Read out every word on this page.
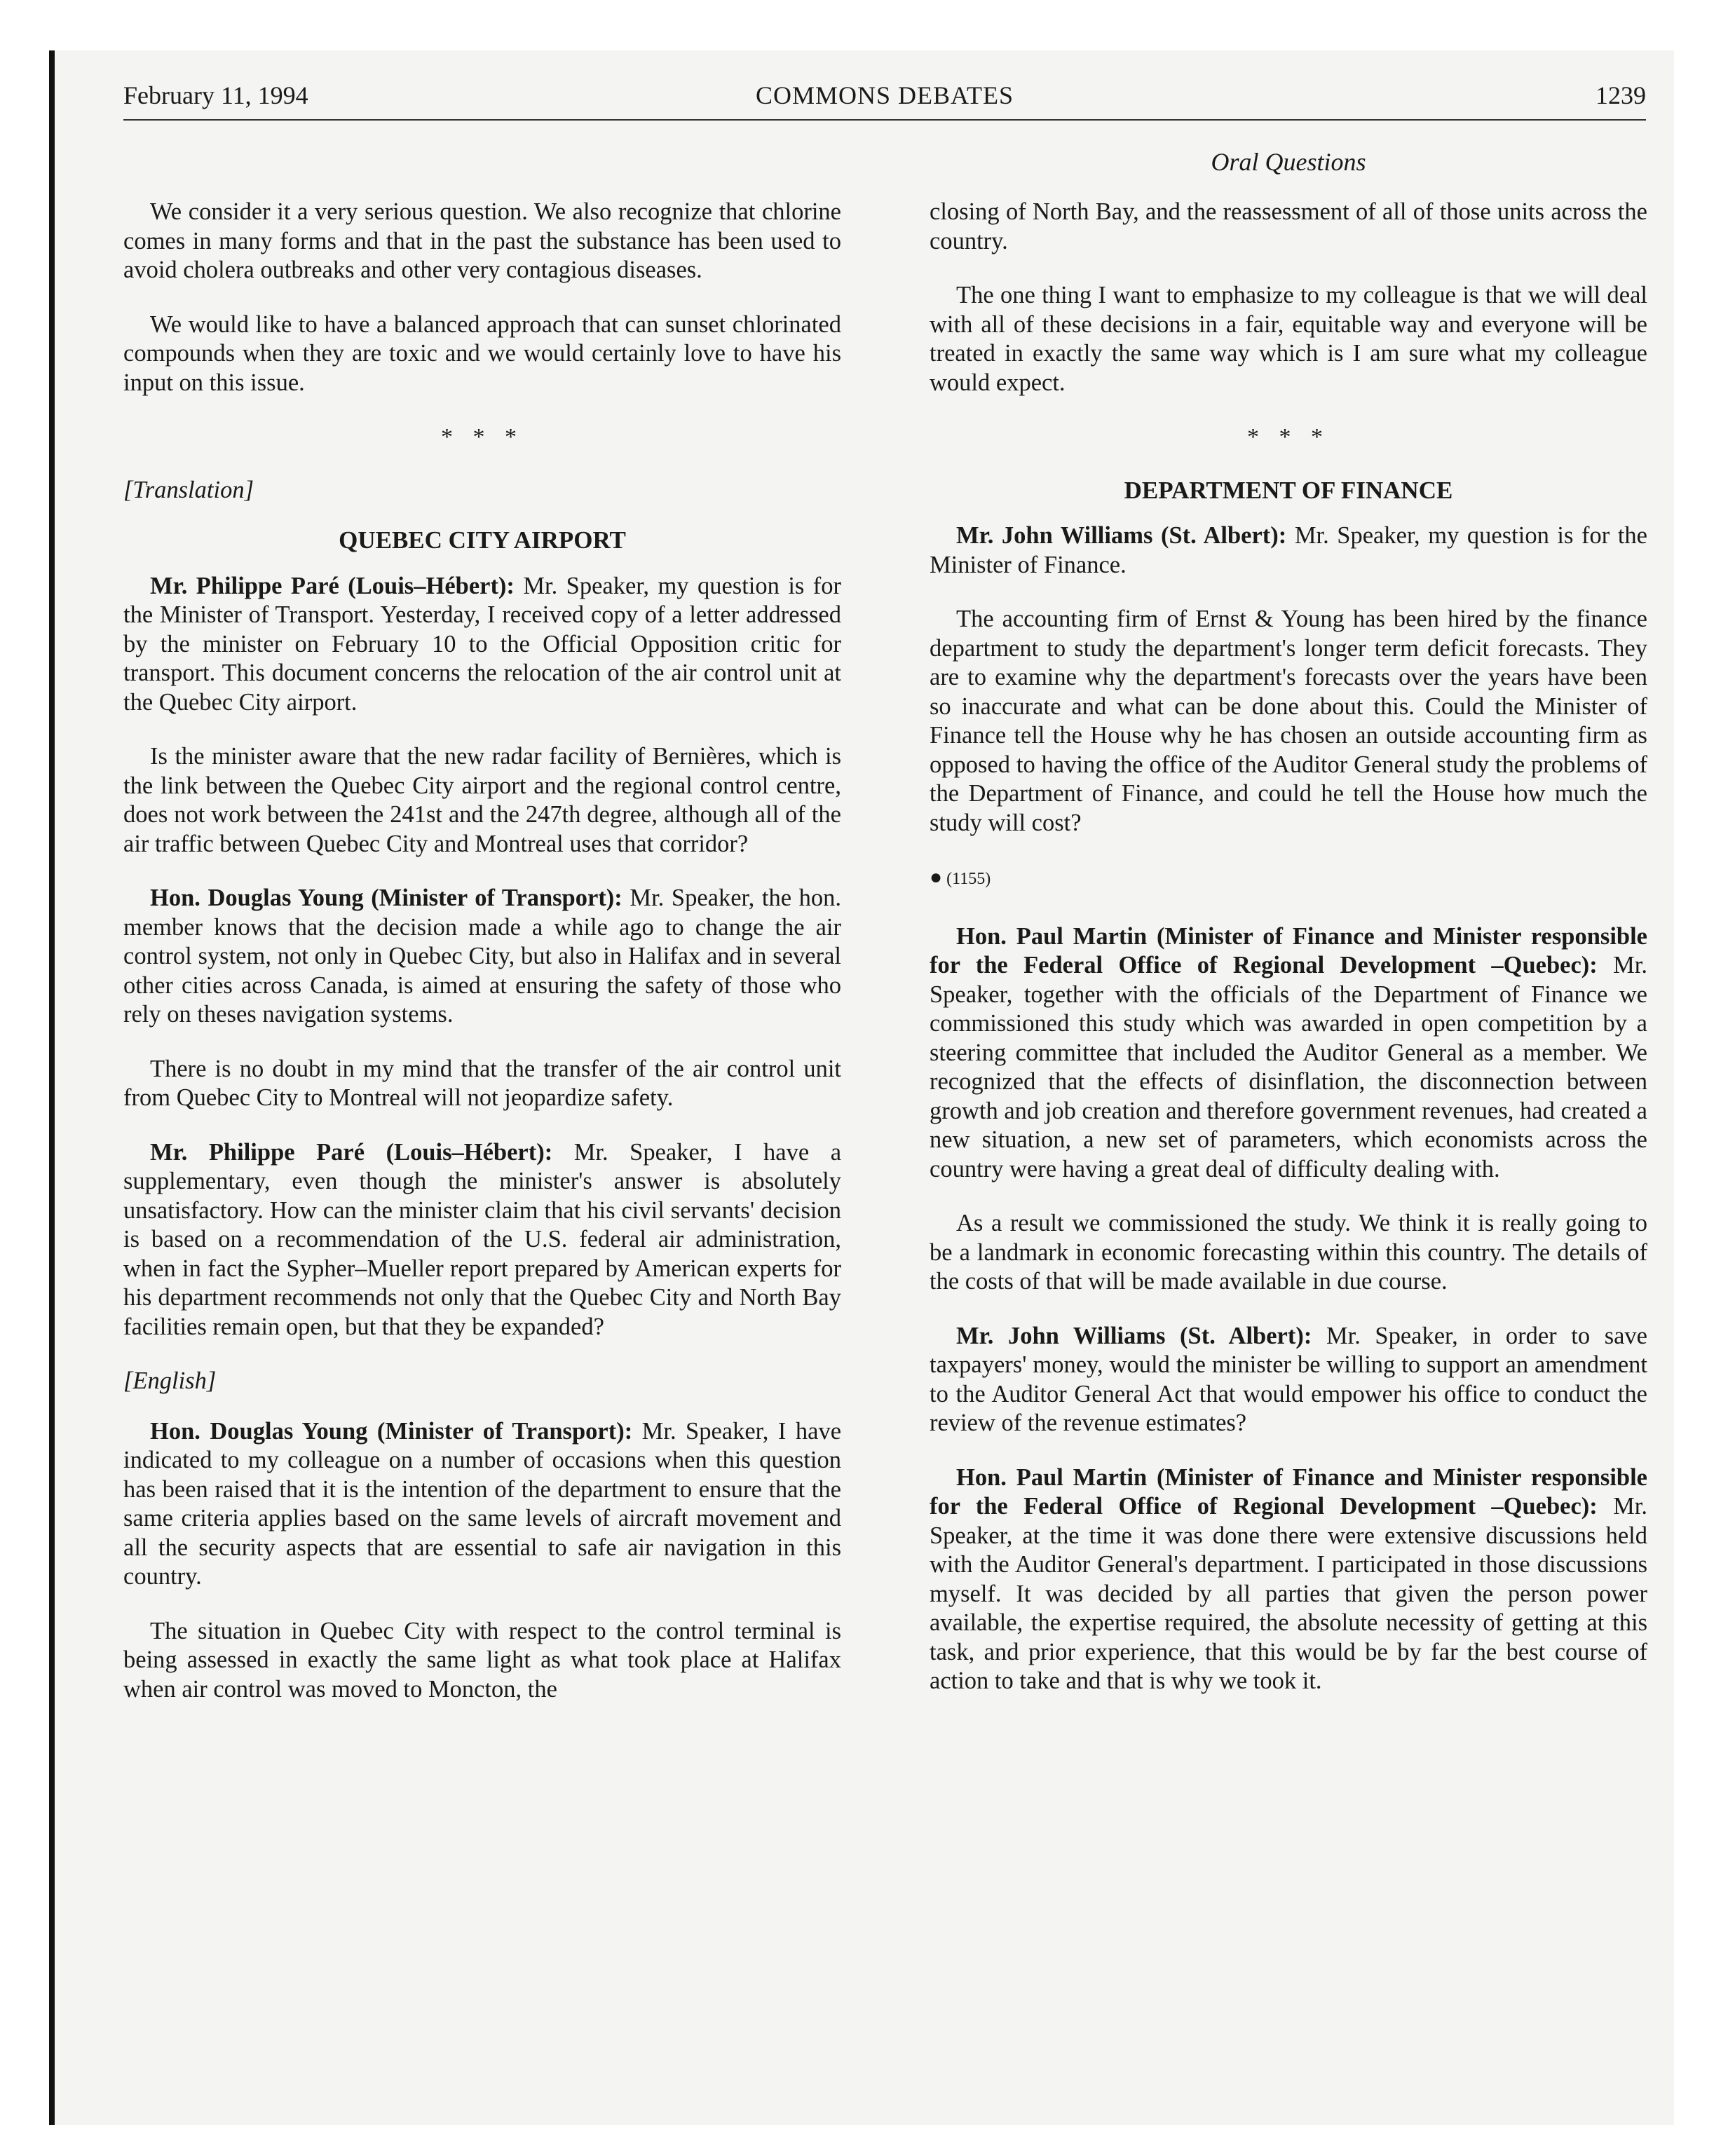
February 11, 1994	COMMONS DEBATES	1239
Oral Questions

We consider it a very serious question. We also recognize that chlorine comes in many forms and that in the past the substance has been used to avoid cholera outbreaks and other very contagious diseases.

We would like to have a balanced approach that can sunset chlorinated compounds when they are toxic and we would certainly love to have his input on this issue.

* * *
[Translation]
QUEBEC CITY AIRPORT

Mr. Philippe Paré (Louis–Hébert): Mr. Speaker, my question is for the Minister of Transport. Yesterday, I received copy of a letter addressed by the minister on February 10 to the Official Opposition critic for transport. This document concerns the relocation of the air control unit at the Quebec City airport.

Is the minister aware that the new radar facility of Bernières, which is the link between the Quebec City airport and the regional control centre, does not work between the 241st and the 247th degree, although all of the air traffic between Quebec City and Montreal uses that corridor?

Hon. Douglas Young (Minister of Transport): Mr. Speaker, the hon. member knows that the decision made a while ago to change the air control system, not only in Quebec City, but also in Halifax and in several other cities across Canada, is aimed at ensuring the safety of those who rely on theses navigation systems.

There is no doubt in my mind that the transfer of the air control unit from Quebec City to Montreal will not jeopardize safety.

Mr. Philippe Paré (Louis–Hébert): Mr. Speaker, I have a supplementary, even though the minister's answer is absolutely unsatisfactory. How can the minister claim that his civil servants' decision is based on a recommendation of the U.S. federal air administration, when in fact the Sypher–Mueller report prepared by American experts for his department recommends not only that the Quebec City and North Bay facilities remain open, but that they be expanded?

[English]

Hon. Douglas Young (Minister of Transport): Mr. Speaker, I have indicated to my colleague on a number of occasions when this question has been raised that it is the intention of the department to ensure that the same criteria applies based on the same levels of aircraft movement and all the security aspects that are essential to safe air navigation in this country.

The situation in Quebec City with respect to the control terminal is being assessed in exactly the same light as what took place at Halifax when air control was moved to Moncton, the

closing of North Bay, and the reassessment of all of those units across the country.

The one thing I want to emphasize to my colleague is that we will deal with all of these decisions in a fair, equitable way and everyone will be treated in exactly the same way which is I am sure what my colleague would expect.

* * *
DEPARTMENT OF FINANCE

Mr. John Williams (St. Albert): Mr. Speaker, my question is for the Minister of Finance.

The accounting firm of Ernst & Young has been hired by the finance department to study the department's longer term deficit forecasts. They are to examine why the department's forecasts over the years have been so inaccurate and what can be done about this. Could the Minister of Finance tell the House why he has chosen an outside accounting firm as opposed to having the office of the Auditor General study the problems of the Department of Finance, and could he tell the House how much the study will cost?

● (1155)

Hon. Paul Martin (Minister of Finance and Minister responsible for the Federal Office of Regional Development –Quebec): Mr. Speaker, together with the officials of the Department of Finance we commissioned this study which was awarded in open competition by a steering committee that included the Auditor General as a member. We recognized that the effects of disinflation, the disconnection between growth and job creation and therefore government revenues, had created a new situation, a new set of parameters, which economists across the country were having a great deal of difficulty dealing with.

As a result we commissioned the study. We think it is really going to be a landmark in economic forecasting within this country. The details of the costs of that will be made available in due course.

Mr. John Williams (St. Albert): Mr. Speaker, in order to save taxpayers' money, would the minister be willing to support an amendment to the Auditor General Act that would empower his office to conduct the review of the revenue estimates?

Hon. Paul Martin (Minister of Finance and Minister responsible for the Federal Office of Regional Development –Quebec): Mr. Speaker, at the time it was done there were extensive discussions held with the Auditor General's department. I participated in those discussions myself. It was decided by all parties that given the person power available, the expertise required, the absolute necessity of getting at this task, and prior experience, that this would be by far the best course of action to take and that is why we took it.
